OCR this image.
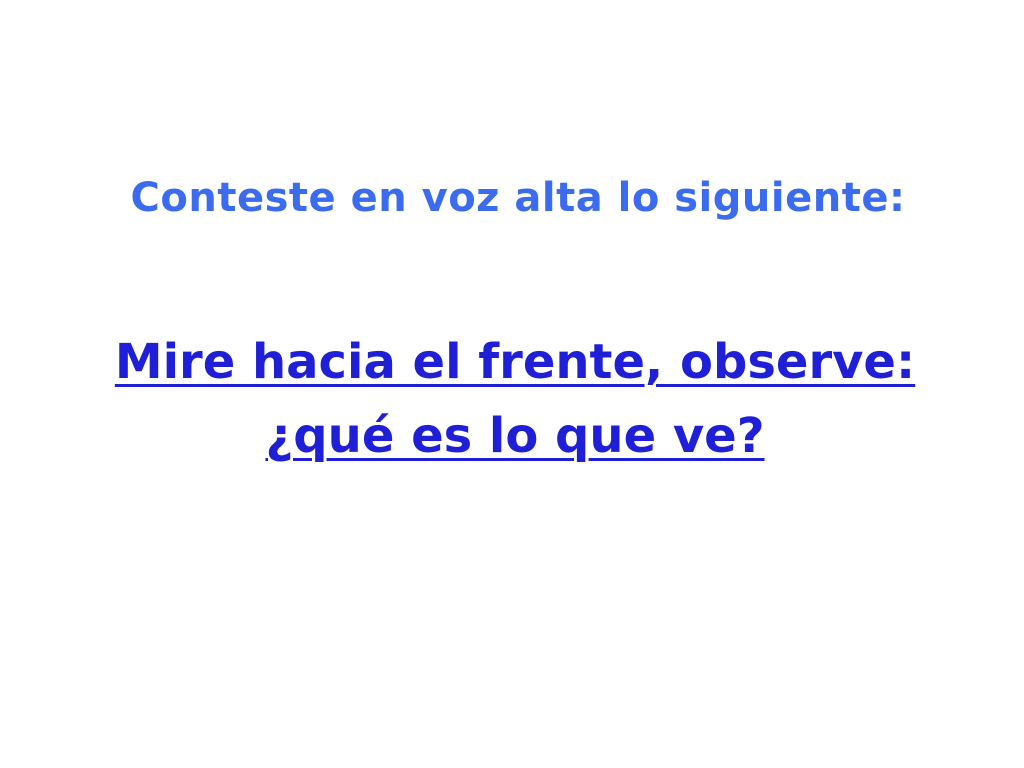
Conteste en voz alta lo siguiente:
Mire hacia el frente, observe:
¿qué es lo que ve?
